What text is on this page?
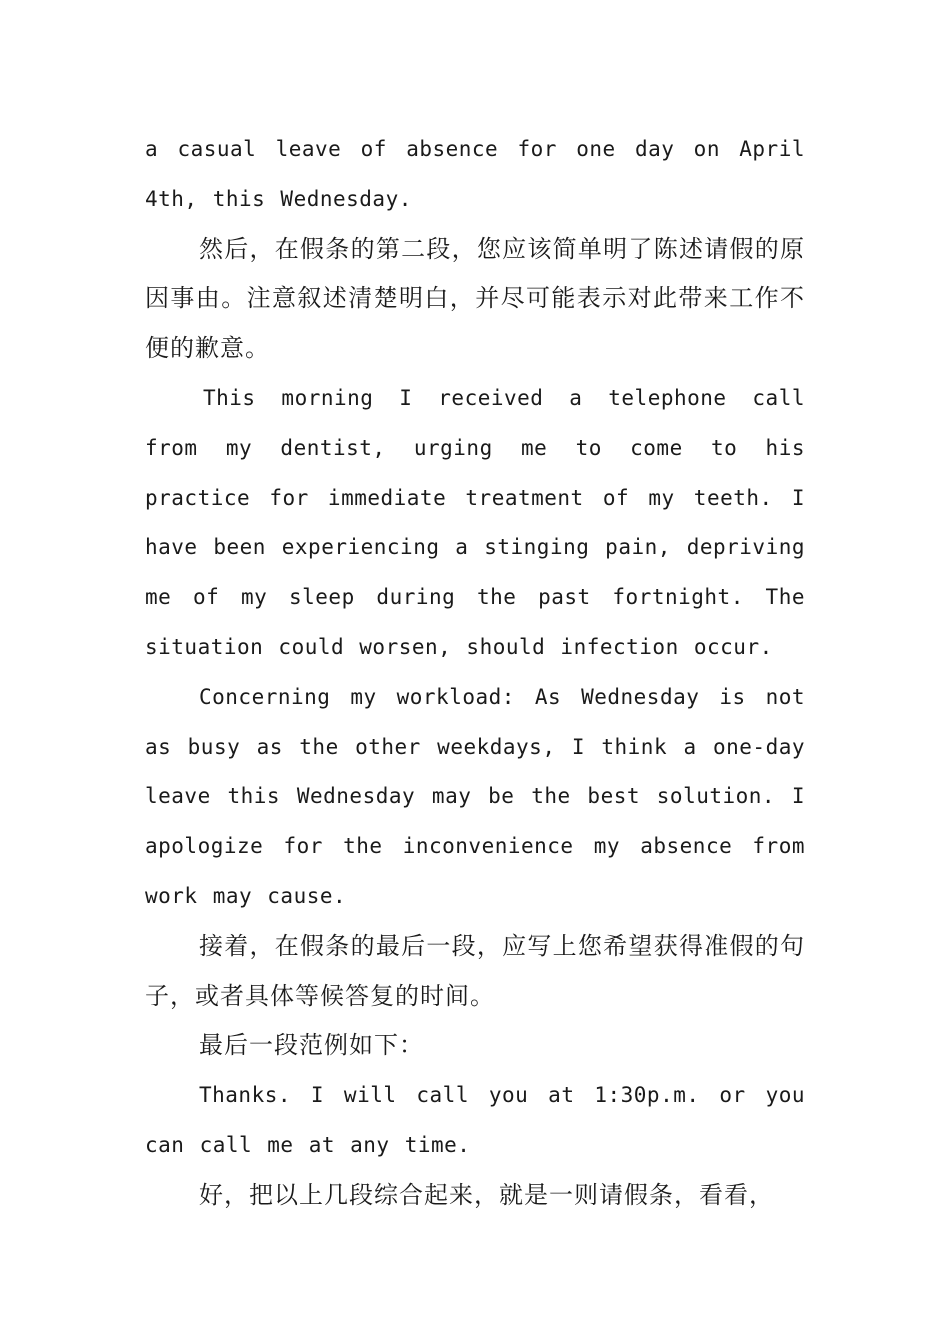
a casual leave of absence for one day on April 4th, this Wednesday.

然后，在假条的第二段，您应该简单明了陈述请假的原因事由。注意叙述清楚明白，并尽可能表示对此带来工作不便的歉意。

This morning I received a telephone call from my dentist, urging me to come to his practice for immediate treatment of my teeth. I have been experiencing a stinging pain, depriving me of my sleep during the past fortnight. The situation could worsen, should infection occur.

Concerning my workload: As Wednesday is not as busy as the other weekdays, I think a one-day leave this Wednesday may be the best solution. I apologize for the inconvenience my absence from work may cause.

接着，在假条的最后一段，应写上您希望获得准假的句子，或者具体等候答复的时间。

最后一段范例如下：

Thanks. I will call you at 1:30p.m. or you can call me at any time.

好，把以上几段综合起来，就是一则请假条，看看，
